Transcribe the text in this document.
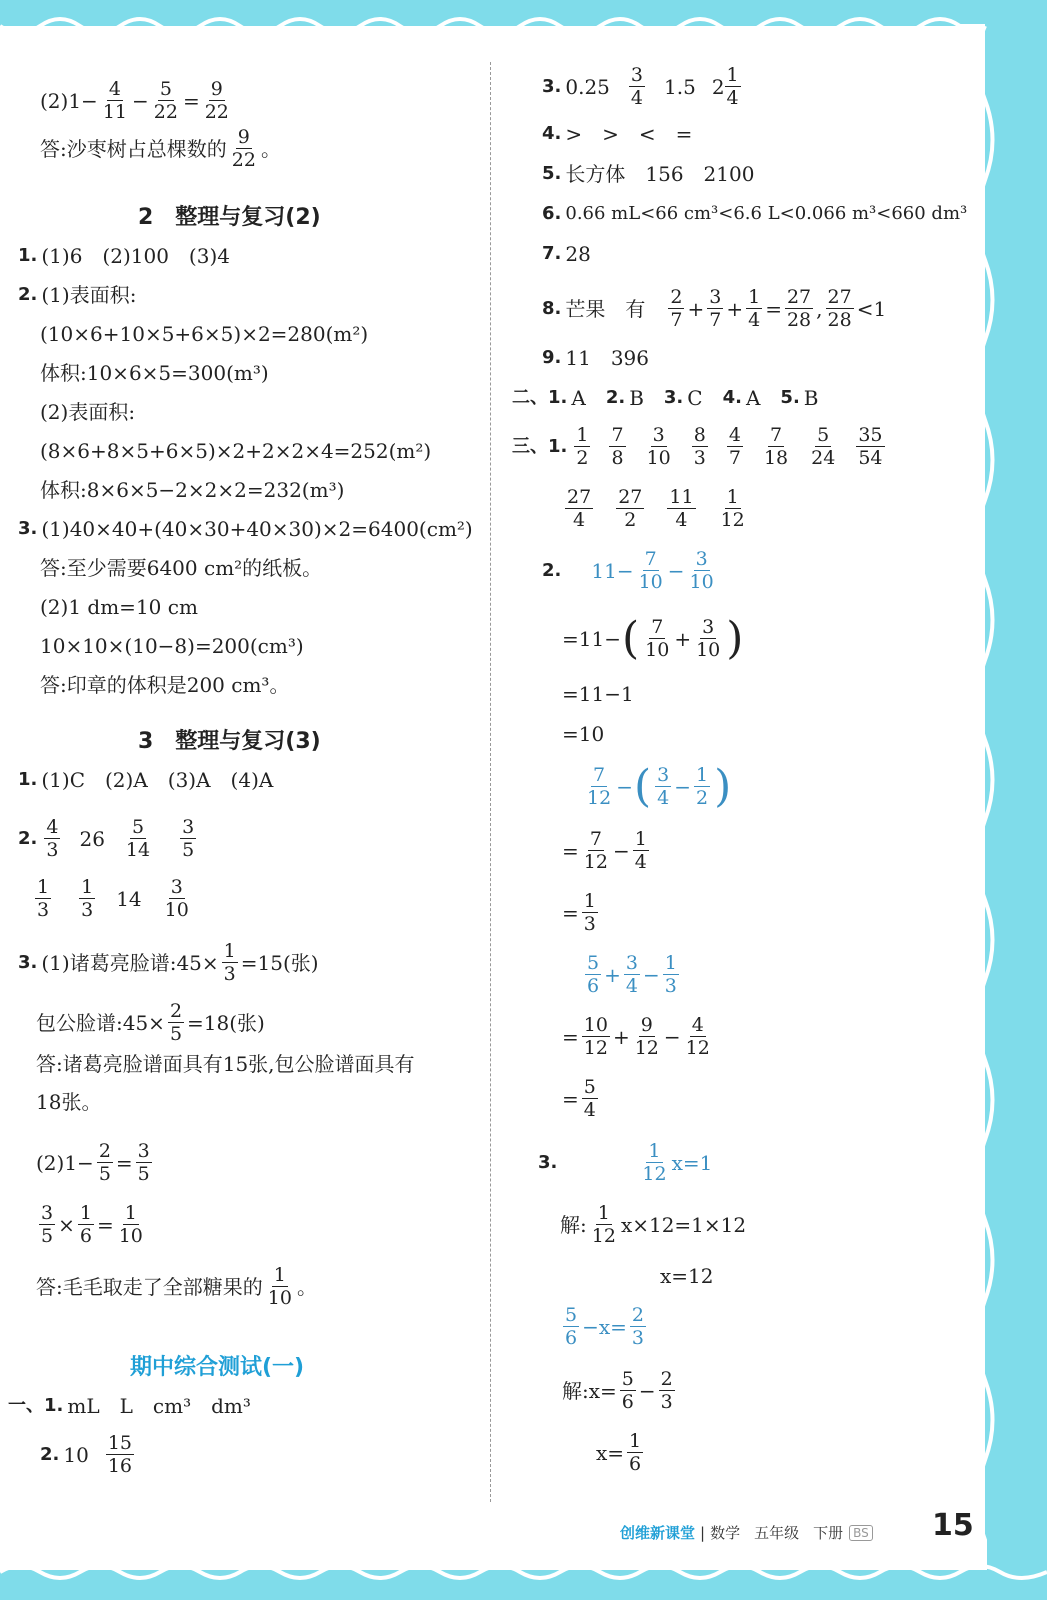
$(2)1- \frac{4}{11} - \frac{5}{22} = \frac{9}{22}$
答:沙枣树占总棵数的 $\frac{9}{22}$ 。
2　整理与复习(2)
1. (1)6　(2)100　(3)4
2. (1)表面积:
(10×6+10×5+6×5)×2=280(m²)
体积:10×6×5=300(m³)
(2)表面积:
(8×6+8×5+6×5)×2+2×2×4=252(m²)
体积:8×6×5−2×2×2=232(m³)
3. (1)40×40+(40×30+40×30)×2=6400(cm²)
答:至少需要6400 cm²的纸板。
(2)1 dm=10 cm
10×10×(10−8)=200(cm³)
答:印章的体积是200 cm³。
3　整理与复习(3)
1. (1)C　(2)A　(3)A　(4)A
2. $\frac{4}{3} 26 \frac{5}{14} \frac{3}{5}$
$\frac{1}{3} \frac{1}{3} 14 \frac{3}{10}$
3. (1)诸葛亮脸谱:45× $\frac{1}{3} =15$(张)
包公脸谱:45× $\frac{2}{5} =18$(张)
答:诸葛亮脸谱面具有15张,包公脸谱面具有
18张。
$(2)1- \frac{2}{5} = \frac{3}{5}$
$\frac{3}{5} \times \frac{1}{6} = \frac{1}{10}$
答:毛毛取走了全部糖果的 $\frac{1}{10}$ 。
期中综合测试(一)
一、1. mL　L　cm³　dm³
2. $10 \frac{15}{16}$
3. $0.25 \frac{3}{4} 1.5$ $2 \frac{1}{4}$
4. >　>　<　=
5. 长方体　156　2100
6. 0.66 mL<66 cm³<6.6 L<0.066 m³<660 dm³
7. 28
8. 芒果　有　 $\frac{2}{7} + \frac{3}{7} + \frac{1}{4} = \frac{27}{28}$ , $\frac{27}{28} <1$
9. 11　396
二、1. A　 2. B　 3. C　 4. A　 5. B
三、1. $\frac{1}{2} \frac{7}{8} \frac{3}{10} \frac{8}{3} \frac{4}{7} \frac{7}{18} \frac{5}{24} \frac{35}{54}$
$\frac{27}{4} \frac{27}{2} \frac{11}{4} \frac{1}{12}$
2. $11- \frac{7}{10} - \frac{3}{10}$
=11− ( $\frac{7}{10} + \frac{3}{10}$ )
=11−1
=10
$\frac{7}{12}$ − ( $\frac{3}{4} - \frac{1}{2}$ )
= $\frac{7}{12} - \frac{1}{4}$
= $\frac{1}{3}$
$\frac{5}{6} + \frac{3}{4} - \frac{1}{3}$
= $\frac{10}{12} + \frac{9}{12} - \frac{4}{12}$
= $\frac{5}{4}$
3.	$\frac{1}{12} x=1$
解: $\frac{1}{12} x\times 12=1\times 12$
x=12
$\frac{5}{6} -x= \frac{2}{3}$
解:x= $\frac{5}{6} - \frac{2}{3}$
$x= \frac{1}{6}$
创维新课堂 | 数学 五年级 下册 BS 15
MXQE.COM
